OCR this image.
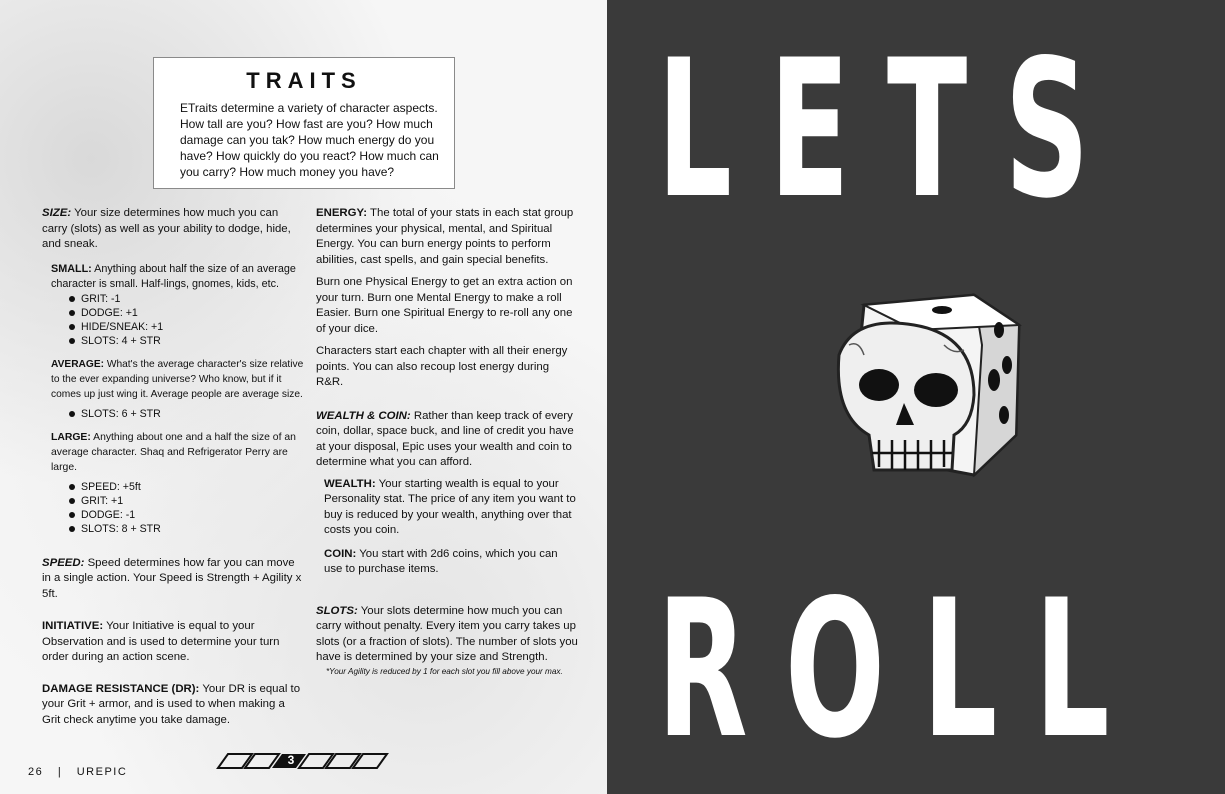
TRAITS
ETraits determine a variety of character aspects. How tall are you? How fast are you? How much damage can you tak? How much energy do you have? How quickly do you react? How much can you carry? How much money you have?

SIZE: Your size determines how much you can carry (slots) as well as your ability to dodge, hide, and sneak.

SMALL: Anything about half the size of an average character is small. Half-lings, gnomes, kids, etc.

GRIT: -1
DODGE: +1
HIDE/SNEAK: +1
SLOTS: 4 + STR

AVERAGE: What's the average character's size relative to the ever expanding universe? Who know, but if it comes up just wing it. Average people are average size.

SLOTS: 6 + STR

LARGE: Anything about one and a half the size of an average character. Shaq and Refrigerator Perry are large.

SPEED: +5ft
GRIT: +1
DODGE: -1
SLOTS: 8 + STR

SPEED: Speed determines how far you can move in a single action. Your Speed is Strength + Agility x 5ft.

INITIATIVE: Your Initiative is equal to your Observation and is used to determine your turn order during an action scene.

DAMAGE RESISTANCE (DR): Your DR is equal to your Grit + armor, and is used to when making a Grit check anytime you take damage.

ENERGY: The total of your stats in each stat group determines your physical, mental, and Spiritual Energy. You can burn energy points to perform abilities, cast spells, and gain special benefits.

Burn one Physical Energy to get an extra action on your turn. Burn one Mental Energy to make a roll Easier. Burn one Spiritual Energy to re-roll any one of your dice.

Characters start each chapter with all their energy points. You can also recoup lost energy during R&R.

WEALTH & COIN: Rather than keep track of every coin, dollar, space buck, and line of credit you have at your disposal, Epic uses your wealth and coin to determine what you can afford.

WEALTH: Your starting wealth is equal to your Personality stat. The price of any item you want to buy is reduced by your wealth, anything over that costs you coin.

COIN: You start with 2d6 coins, which you can use to purchase items.

SLOTS: Your slots determine how much you can carry without penalty. Every item you carry takes up slots (or a fraction of slots). The number of slots you have is determined by your size and Strength.

*Your Agility is reduced by 1 for each slot you fill above your max.

26 | UREPIC
3
LETS
ROLL
